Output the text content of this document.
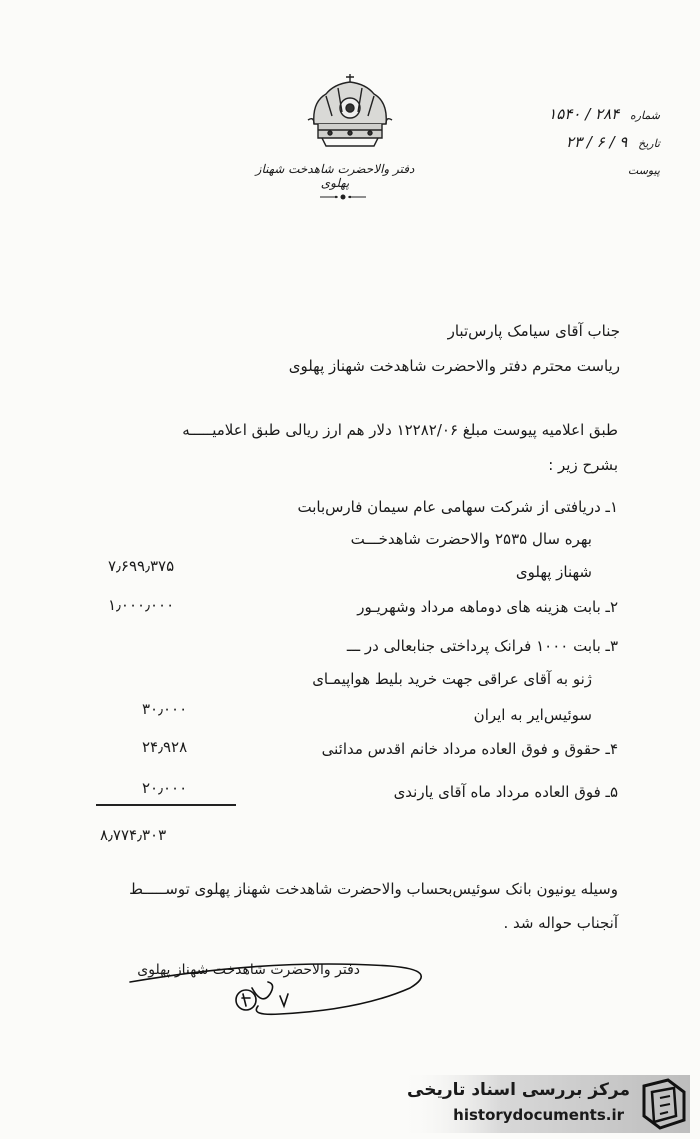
دفتر والاحضرت شاهدخت شهناز پهلوی
شماره ۱۵۴۰ / ۲۸۴
تاریخ ۲۳ / ۶ / ۹
پیوست
جناب آقای سیامک پارس‌تبار
ریاست محترم دفتر والاحضرت شاهدخت شهناز پهلوی
طبق اعلامیه پیوست مبلغ ۱۲۲۸۲/۰۶ دلار هم ارز ریالی طبق اعلامیـــــه
بشرح زیر :
۱ـ دریافتی از شرکت سهامی عام سیمان فارس‌بابت
بهره سال ۲۵۳۵ والاحضرت شاهدخـــت
شهناز پهلوی
۷٫۶۹۹٫۳۷۵
۲ـ بابت هزینه های دوماهه مرداد وشهریـور
۱٫۰۰۰٫۰۰۰
۳ـ بابت ۱۰۰۰ فرانک پرداختی جنابعالی در ـــ
ژنو به آقای عراقی جهت خرید بلیط هواپیمـای
سوئیس‌ایر به ایران
۳۰٫۰۰۰
۴ـ حقوق و فوق العاده مرداد خانم اقدس مدائنی
۲۴٫۹۲۸
۵ـ فوق العاده مرداد ماه آقای یارندی
۲۰٫۰۰۰
۸٫۷۷۴٫۳۰۳
وسیله یونیون بانک سوئیس‌بحساب والاحضرت شاهدخت شهناز پهلوی توســـــط
آنجناب حواله شد .
دفتر والاحضرت شاهدخت شهناز پهلوی
مرکز بررسی اسناد تاریخی
historydocuments.ir
